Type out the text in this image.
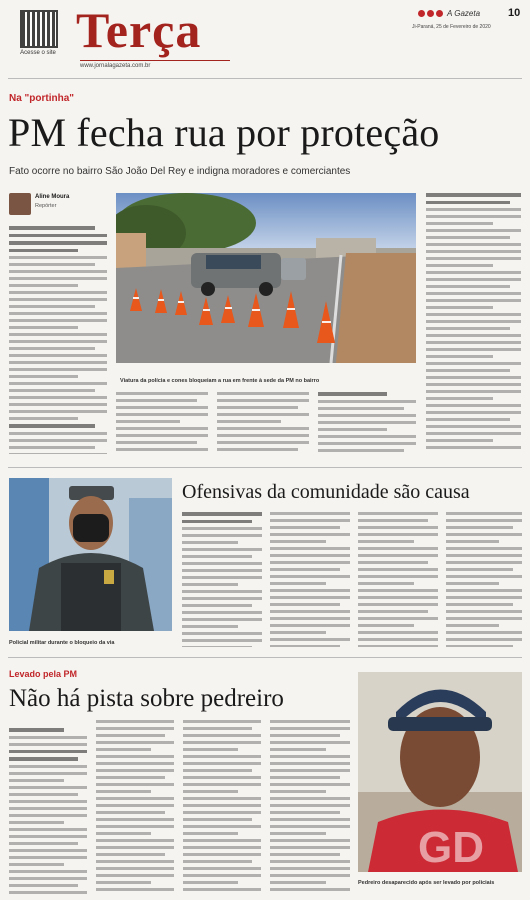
Acesse o site Terça
www.jornalagazeta.com.br
A Gazeta	10
Ji-Paraná, 25 de Fevereiro de 2020
Na "portinha"
PM fecha rua por proteção
Fato ocorre no bairro São João Del Rey e indigna moradores e comerciantes
Aline Moura
Repórter
Viatura da polícia e cones bloqueiam a rua em frente à sede da PM no bairro
Policial militar durante o bloqueio da via
Ofensivas da comunidade são causa
Levado pela PM
Não há pista sobre pedreiro
GD
Pedreiro desaparecido após ser levado por policiais
